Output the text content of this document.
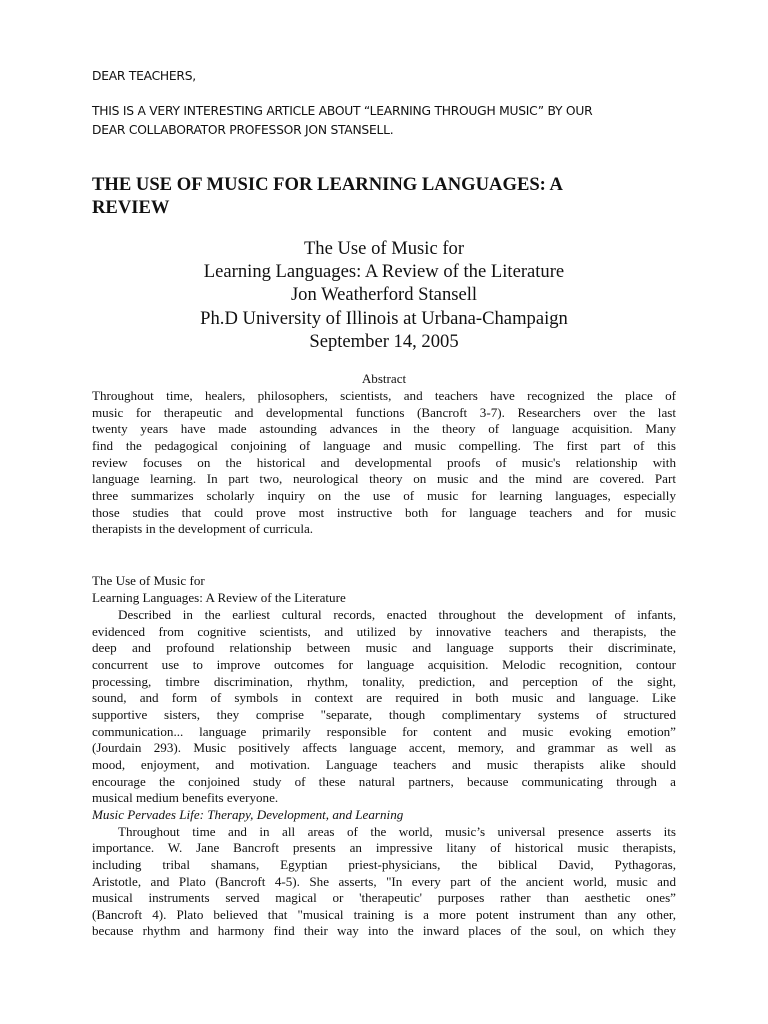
DEAR TEACHERS,
THIS IS A VERY INTERESTING ARTICLE ABOUT “LEARNING THROUGH MUSIC” BY OUR
DEAR COLLABORATOR PROFESSOR JON STANSELL.
THE USE OF MUSIC FOR LEARNING LANGUAGES: A
REVIEW
The Use of Music for
Learning Languages: A Review of the Literature
Jon Weatherford Stansell
Ph.D University of Illinois at Urbana-Champaign
September 14, 2005
Abstract
Throughout time, healers, philosophers, scientists, and teachers have recognized the place of
music for therapeutic and developmental functions (Bancroft 3-7). Researchers over the last
twenty years have made astounding advances in the theory of language acquisition. Many
find the pedagogical conjoining of language and music compelling. The first part of this
review focuses on the historical and developmental proofs of music's relationship with
language learning. In part two, neurological theory on music and the mind are covered. Part
three summarizes scholarly inquiry on the use of music for learning languages, especially
those studies that could prove most instructive both for language teachers and for music
therapists in the development of curricula.
The Use of Music for
Learning Languages: A Review of the Literature
Described in the earliest cultural records, enacted throughout the development of infants,
evidenced from cognitive scientists, and utilized by innovative teachers and therapists, the
deep and profound relationship between music and language supports their discriminate,
concurrent use to improve outcomes for language acquisition. Melodic recognition, contour
processing, timbre discrimination, rhythm, tonality, prediction, and perception of the sight,
sound, and form of symbols in context are required in both music and language. Like
supportive sisters, they comprise "separate, though complimentary systems of structured
communication... language primarily responsible for content and music evoking emotion”
(Jourdain 293). Music positively affects language accent, memory, and grammar as well as
mood, enjoyment, and motivation. Language teachers and music therapists alike should
encourage the conjoined study of these natural partners, because communicating through a
musical medium benefits everyone.
Music Pervades Life: Therapy, Development, and Learning
Throughout time and in all areas of the world, music’s universal presence asserts its
importance. W. Jane Bancroft presents an impressive litany of historical music therapists,
including tribal shamans, Egyptian priest-physicians, the biblical David, Pythagoras,
Aristotle, and Plato (Bancroft 4-5). She asserts, "In every part of the ancient world, music and
musical instruments served magical or 'therapeutic' purposes rather than aesthetic ones”
(Bancroft 4). Plato believed that "musical training is a more potent instrument than any other,
because rhythm and harmony find their way into the inward places of the soul, on which they
